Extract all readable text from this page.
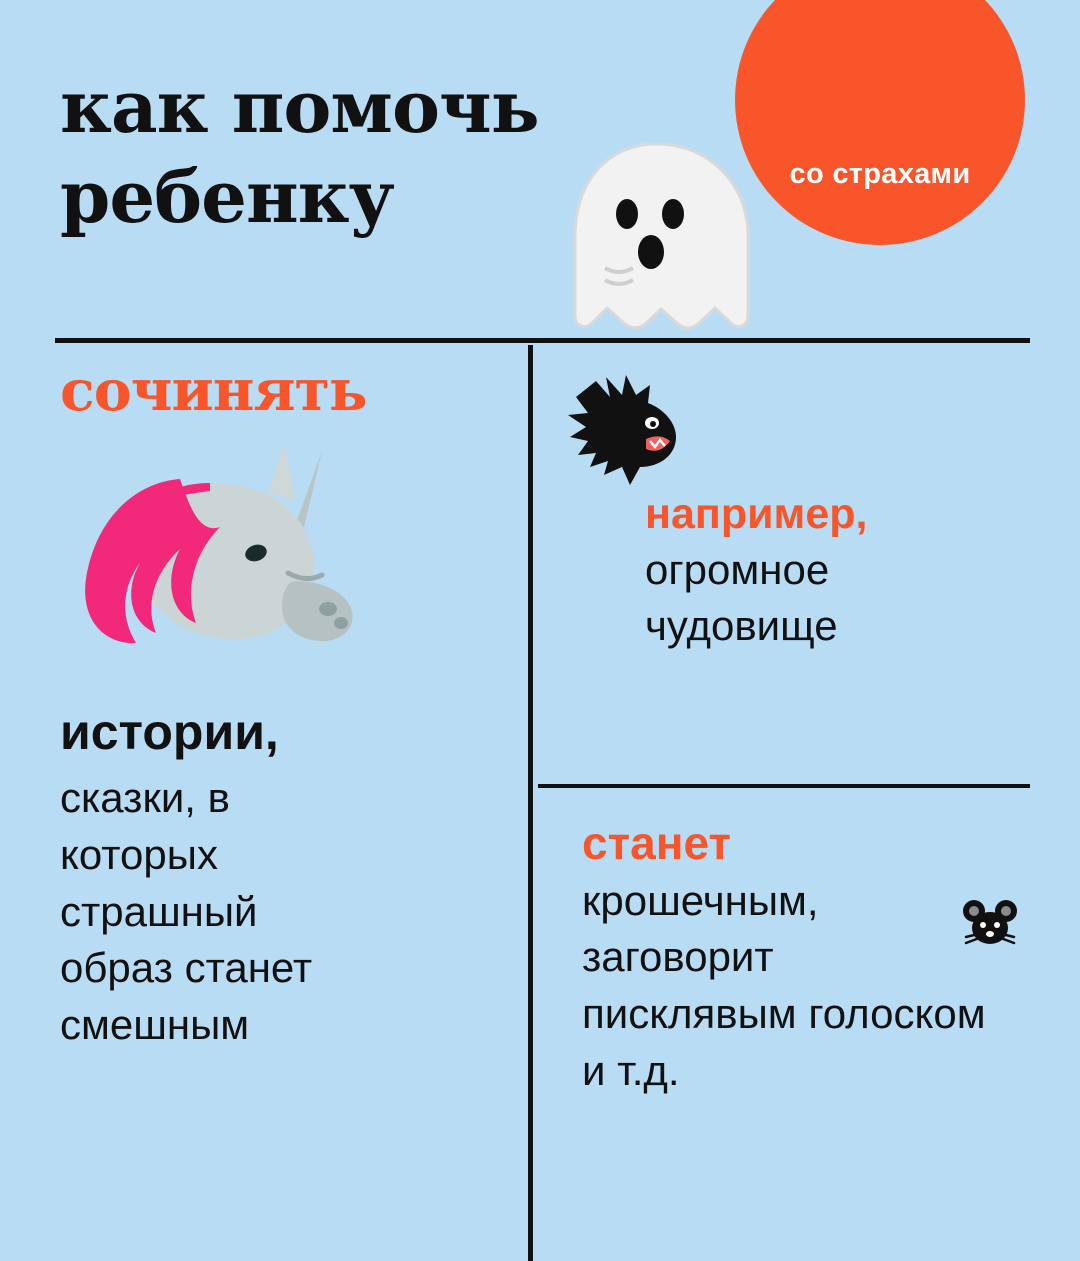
как помочь
ребенку	со страхами
сочинять
истории,
сказки, в
которых
страшный
образ станет
смешным
например,
огромное
чудовище
станет
крошечным,
заговорит
писклявым голоском
и т.д.
